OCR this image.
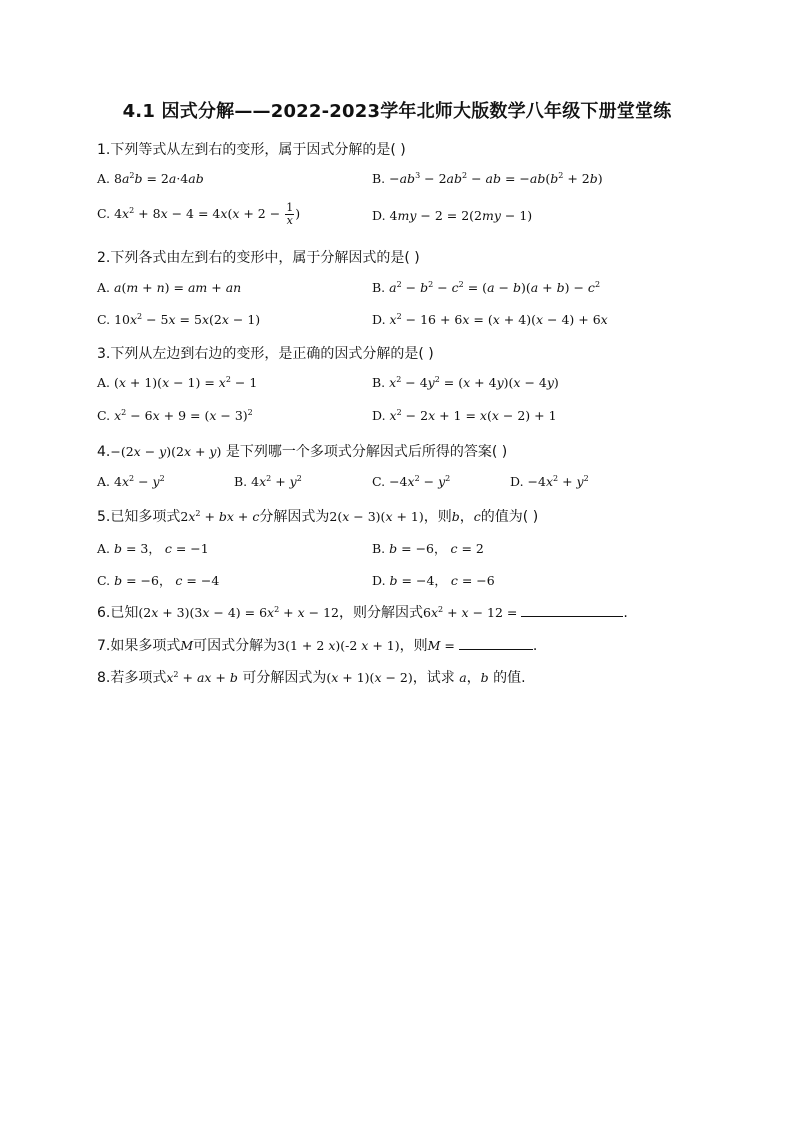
4.1 因式分解——2022-2023学年北师大版数学八年级下册堂堂练
1.下列等式从左到右的变形，属于因式分解的是( )
A. $8a^2b = 2a\cdot 4ab$	B. $-ab^3 - 2ab^2$ − ab = $-ab(b^2 + 2b)$
C. $4x^2 + 8x - 4 = 4x(x + 2 - \frac{1}{x}$ )	D. 4my − 2 = 2(2my − 1)
2.下列各式由左到右的变形中，属于分解因式的是( )
A. a(m + n) = am + an	B. $a^2 - b^2 - c^2 = (a - b)(a + b) - c^2$
C. $10x^2 - 5x = 5x(2x - 1)$	D. $x^2 - 16 + 6x = (x + 4)(x - 4) + 6x$
3.下列从左边到右边的变形，是正确的因式分解的是( )
A. $(x + 1)(x - 1) = x^2 - 1$	B. $x^2 - 4y^2 = (x + 4y)(x - 4y)$
C. $x^2 - 6x + 9 = (x - 3)^2$	D. $x^2 - 2x + 1 = x(x - 2) + 1$
4.−(2x − y)(2x + y) 是下列哪一个多项式分解因式后所得的答案( )
A. $4x^2 - y^2$	B. $4x^2 + y^2$	C. $-4x^2 - y^2$	D. $-4x^2 + y^2$
5.已知多项式$2x^2$ + bx + c分解因式为2(x − 3)(x + 1)，则b，c的值为( )
A. b = 3， c = −1	B. b = −6， c = 2
C. b = −6， c = −4	D. b = −4， c = −6
6.已知$(2x + 3)(3x - 4) = 6x^2 + x - 12$，则分解因式$6x^2 + x - 12$ =	.
7.如果多项式M可因式分解为3(1 + 2 x)(-2 x + 1)，则M =	.
8.若多项式$x^2$ + ax + b 可分解因式为(x + 1)(x − 2)，试求 a，b 的值.
